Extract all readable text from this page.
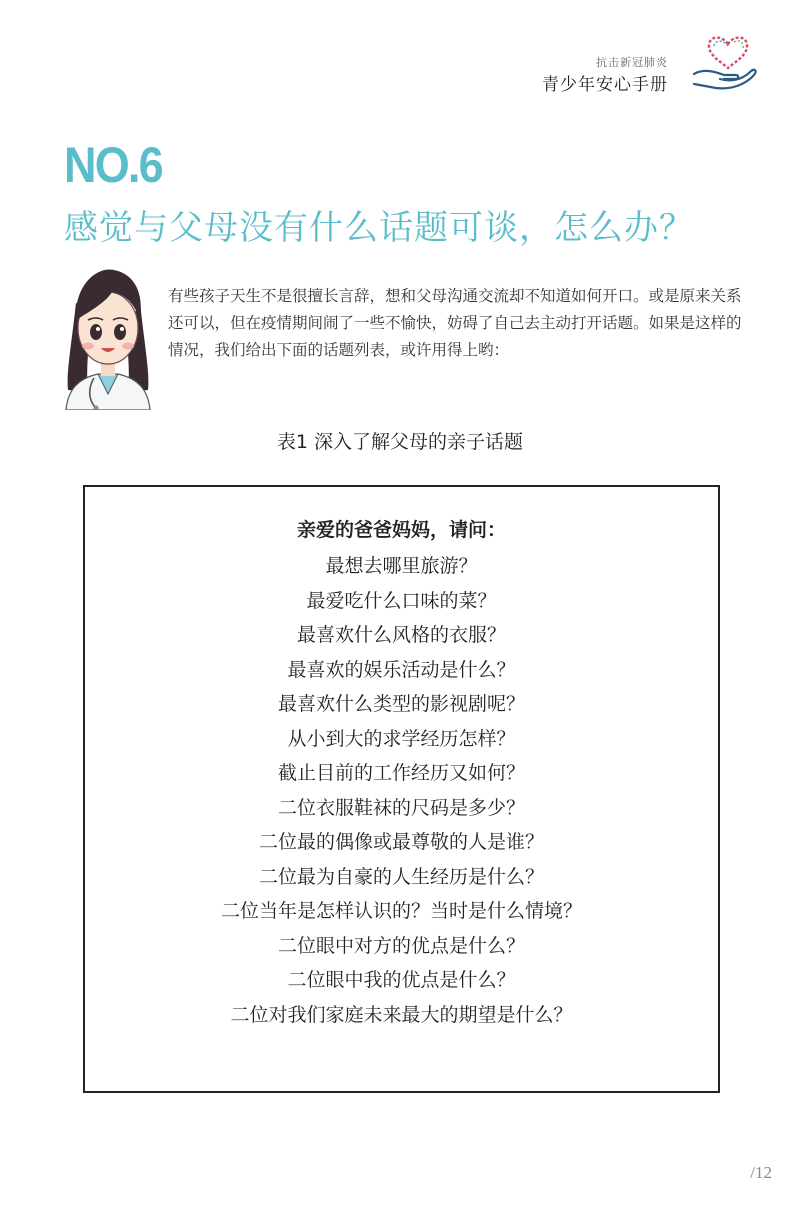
抗击新冠肺炎
青少年安心手册
NO.6
感觉与父母没有什么话题可谈，怎么办？
有些孩子天生不是很擅长言辞，想和父母沟通交流却不知道如何开口。或是原来关系还可以，但在疫情期间闹了一些不愉快，妨碍了自己去主动打开话题。如果是这样的情况，我们给出下面的话题列表，或许用得上哟：
表1 深入了解父母的亲子话题
亲爱的爸爸妈妈，请问：
最想去哪里旅游？
最爱吃什么口味的菜？
最喜欢什么风格的衣服？
最喜欢的娱乐活动是什么？
最喜欢什么类型的影视剧呢？
从小到大的求学经历怎样？
截止目前的工作经历又如何？
二位衣服鞋袜的尺码是多少？
二位最的偶像或最尊敬的人是谁？
二位最为自豪的人生经历是什么？
二位当年是怎样认识的？当时是什么情境？
二位眼中对方的优点是什么？
二位眼中我的优点是什么？
二位对我们家庭未来最大的期望是什么？
/12
